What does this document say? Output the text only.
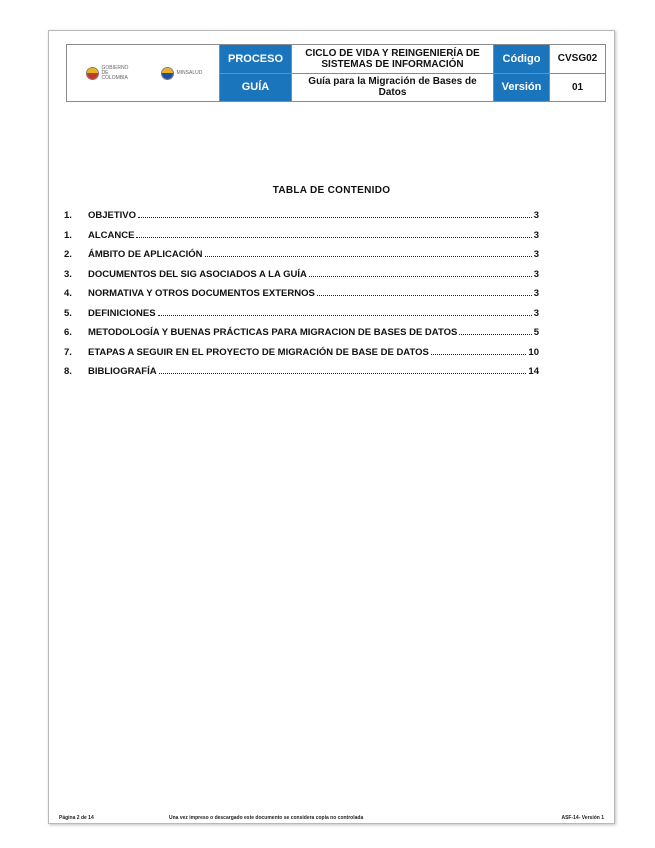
GOBIERNO DE COLOMBIA
MINSALUD	PROCESO	CICLO DE VIDA Y REINGENIERÍA DE SISTEMAS DE INFORMACIÓN	Código	CVSG02
	GUÍA	Guía para la Migración de Bases de Datos	Versión	01
TABLA DE CONTENIDO
1.	OBJETIVO	3
1.	ALCANCE	3
2.	ÁMBITO DE APLICACIÓN	3
3.	DOCUMENTOS DEL SIG ASOCIADOS A LA GUÍA	3
4.	NORMATIVA Y OTROS DOCUMENTOS EXTERNOS	3
5.	DEFINICIONES	3
6.	METODOLOGÍA Y BUENAS PRÁCTICAS PARA MIGRACION DE BASES DE DATOS	5
7.	ETAPAS A SEGUIR EN EL PROYECTO DE MIGRACIÓN DE BASE DE DATOS	10
8.	BIBLIOGRAFÍA	14
Página 2 de 14	Una vez impreso o descargado este documento se considera copia no controlada	ASF-14- Versión 1
